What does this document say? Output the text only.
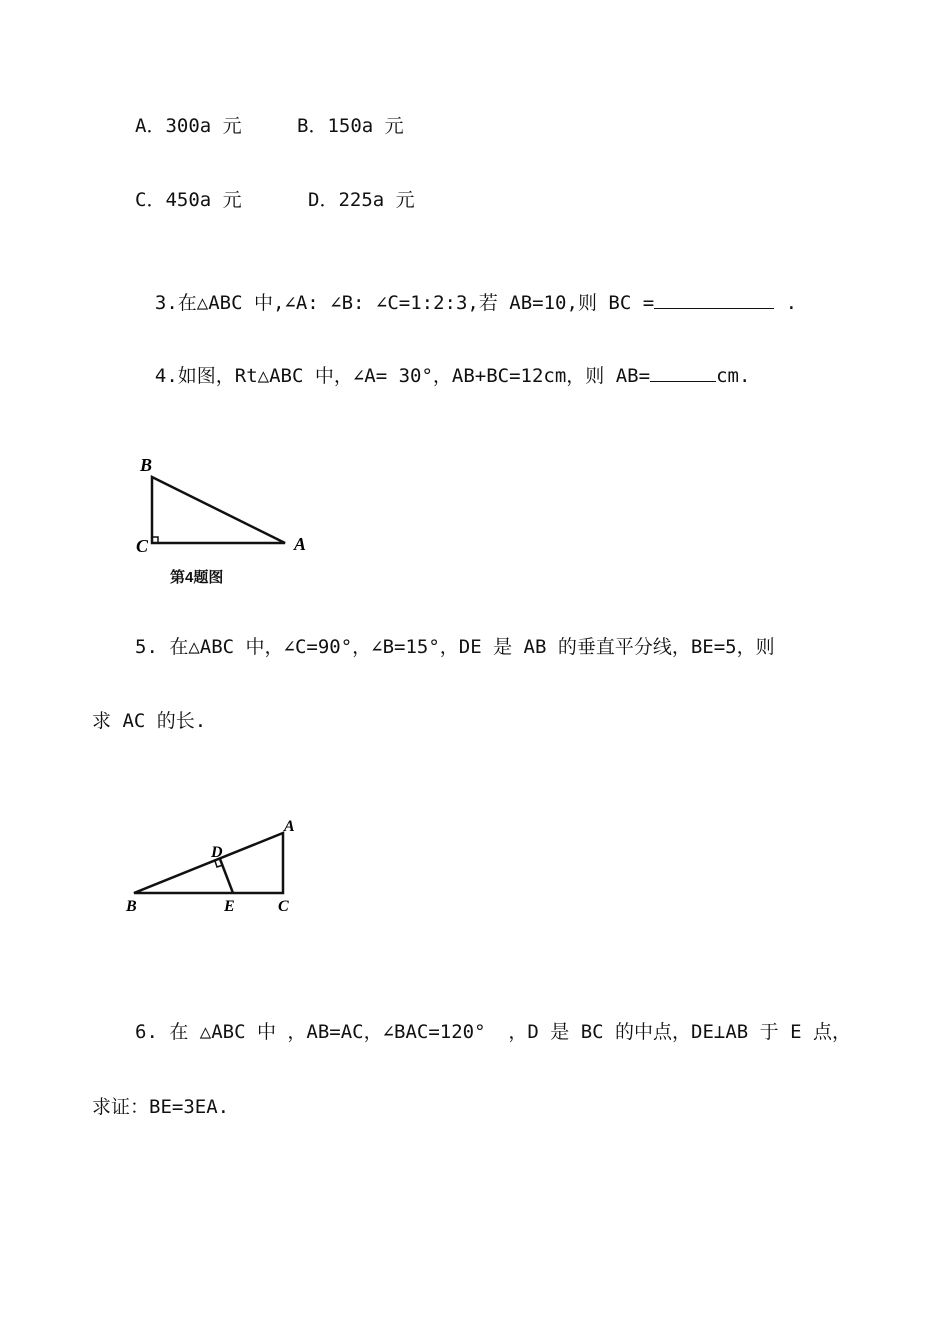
A．300a 元	B．150a 元
C．450a 元	D．225a 元

3.在△ABC 中,∠A: ∠B: ∠C=1:2:3,若 AB=10,则 BC =	.

4.如图，Rt△ABC 中，∠A= 30°，AB+BC=12cm，则 AB=	cm.

B
C	A
第4题图
5. 在△ABC 中，∠C=90°，∠B=15°，DE 是 AB 的垂直平分线，BE=5，则
求 AC 的长.
A
D
B	E	C
6. 在 △ABC 中 ，AB=AC，∠BAC=120°  ，D 是 BC 的中点，DE⊥AB 于 E 点，
求证：BE=3EA.
